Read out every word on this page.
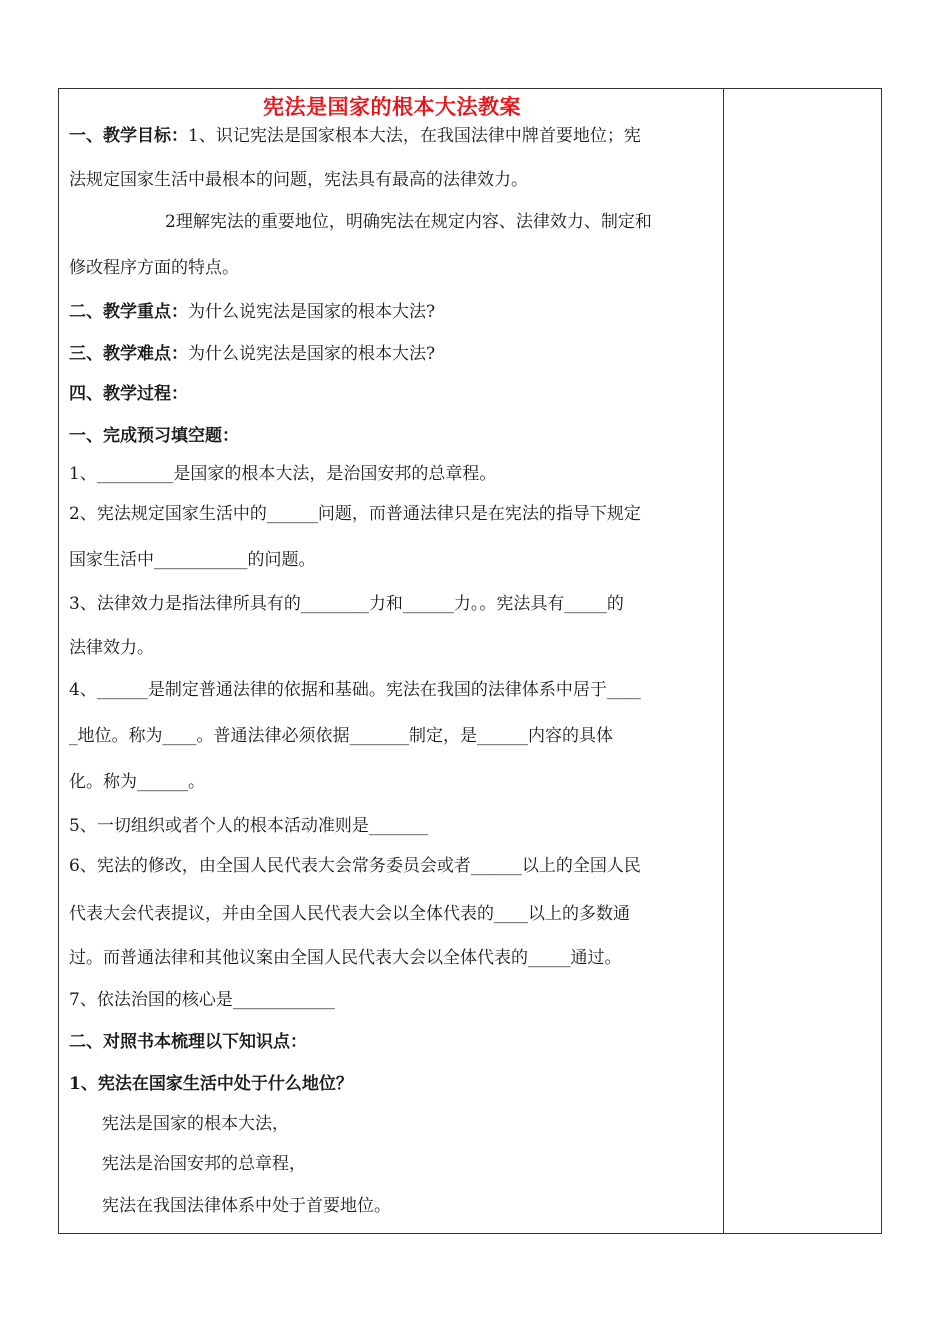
宪法是国家的根本大法教案
一、教学目标：1、识记宪法是国家根本大法，在我国法律中牌首要地位；宪
法规定国家生活中最根本的问题，宪法具有最高的法律效力。
2理解宪法的重要地位，明确宪法在规定内容、法律效力、制定和
修改程序方面的特点。
二、教学重点：为什么说宪法是国家的根本大法?
三、教学难点：为什么说宪法是国家的根本大法?
四、教学过程：
一、完成预习填空题：
1、_________是国家的根本大法，是治国安邦的总章程。
2、宪法规定国家生活中的______问题，而普通法律只是在宪法的指导下规定
国家生活中___________的问题。
3、法律效力是指法律所具有的________力和______力。。宪法具有_____的
法律效力。
4、______是制定普通法律的依据和基础。宪法在我国的法律体系中居于____
_地位。称为____。普通法律必须依据_______制定，是______内容的具体
化。称为______。
5、一切组织或者个人的根本活动准则是_______
6、宪法的修改，由全国人民代表大会常务委员会或者______以上的全国人民
代表大会代表提议，并由全国人民代表大会以全体代表的____以上的多数通
过。而普通法律和其他议案由全国人民代表大会以全体代表的_____通过。
7、依法治国的核心是____________
二、对照书本梳理以下知识点：
1、宪法在国家生活中处于什么地位？
宪法是国家的根本大法，
宪法是治国安邦的总章程，
宪法在我国法律体系中处于首要地位。
